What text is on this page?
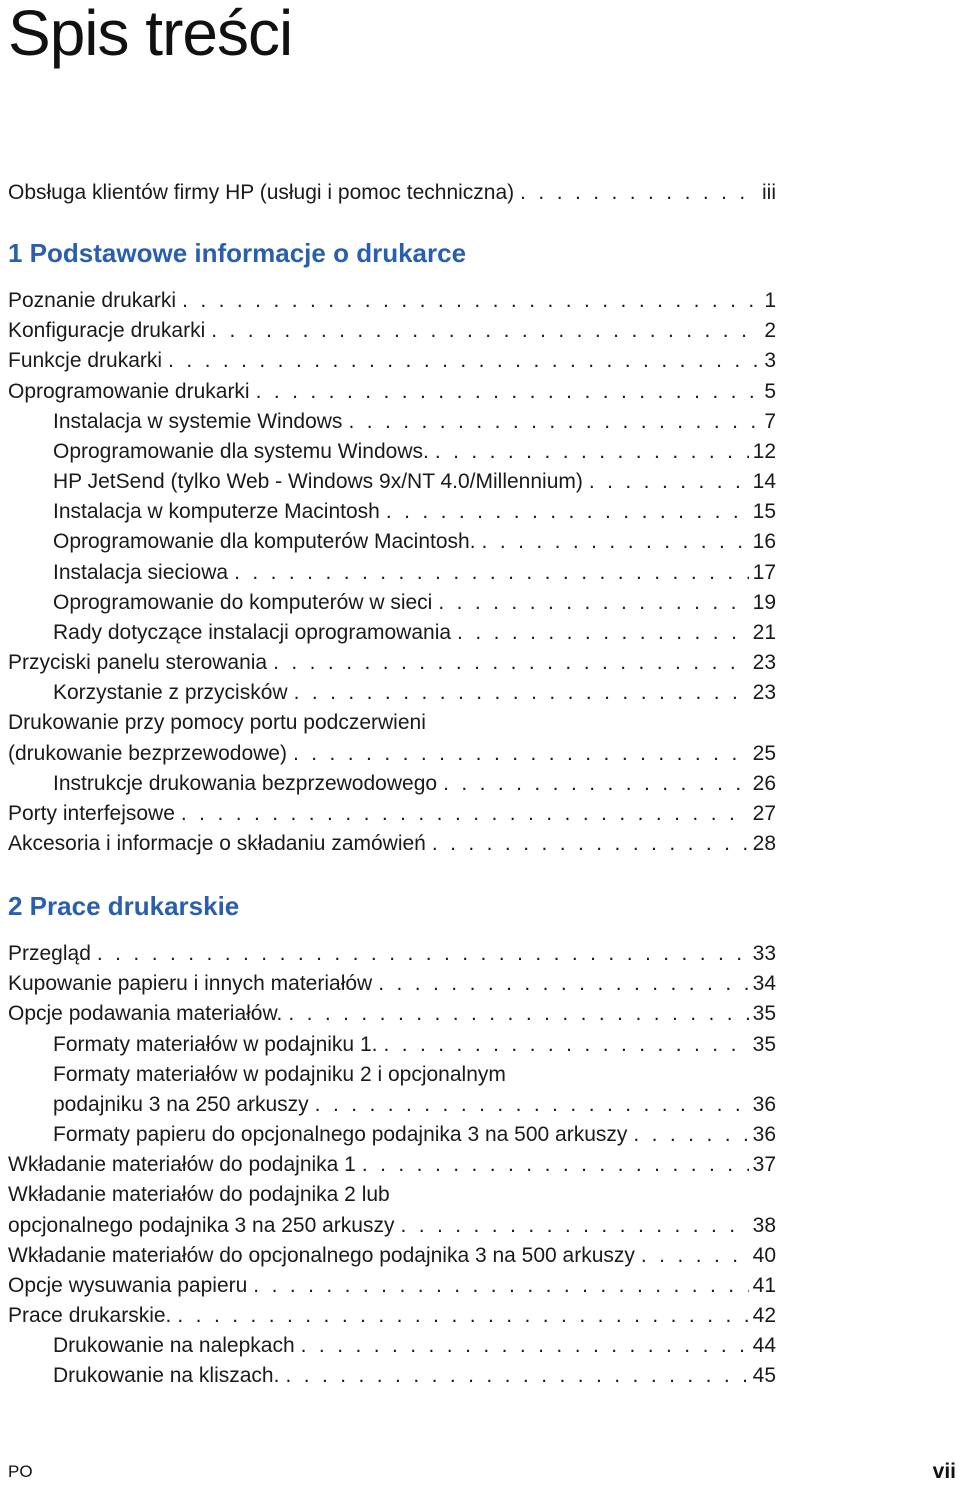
Spis treści
Obsługa klientów firmy HP (usługi i pomoc techniczna) . . .	iii
1 Podstawowe informacje o drukarce
Poznanie drukarki . . .	1
Konfiguracje drukarki . . .	2
Funkcje drukarki . . .	3
Oprogramowanie drukarki . . .	5
Instalacja w systemie Windows . . .	7
Oprogramowanie dla systemu Windows. . . .	12
HP JetSend (tylko Web - Windows 9x/NT 4.0/Millennium) . . .	14
Instalacja w komputerze Macintosh . . .	15
Oprogramowanie dla komputerów Macintosh. . . .	16
Instalacja sieciowa . . .	17
Oprogramowanie do komputerów w sieci . . .	19
Rady dotyczące instalacji oprogramowania . . .	21
Przyciski panelu sterowania . . .	23
Korzystanie z przycisków . . .	23
Drukowanie przy pomocy portu podczerwieni
(drukowanie bezprzewodowe) . . .	25
Instrukcje drukowania bezprzewodowego . . .	26
Porty interfejsowe . . .	27
Akcesoria i informacje o składaniu zamówień . . .	28
2 Prace drukarskie
Przegląd . . .	33
Kupowanie papieru i innych materiałów . . .	34
Opcje podawania materiałów. . . .	35
Formaty materiałów w podajniku 1. . . .	35
Formaty materiałów w podajniku 2 i opcjonalnym
podajniku 3 na 250 arkuszy . . .	36
Formaty papieru do opcjonalnego podajnika 3 na 500 arkuszy . . .	36
Wkładanie materiałów do podajnika 1 . . .	37
Wkładanie materiałów do podajnika 2 lub
opcjonalnego podajnika 3 na 250 arkuszy . . .	38
Wkładanie materiałów do opcjonalnego podajnika 3 na 500 arkuszy . . .	40
Opcje wysuwania papieru . . .	41
Prace drukarskie. . . .	42
Drukowanie na nalepkach . . .	44
Drukowanie na kliszach. . . .	45
PO	vii
